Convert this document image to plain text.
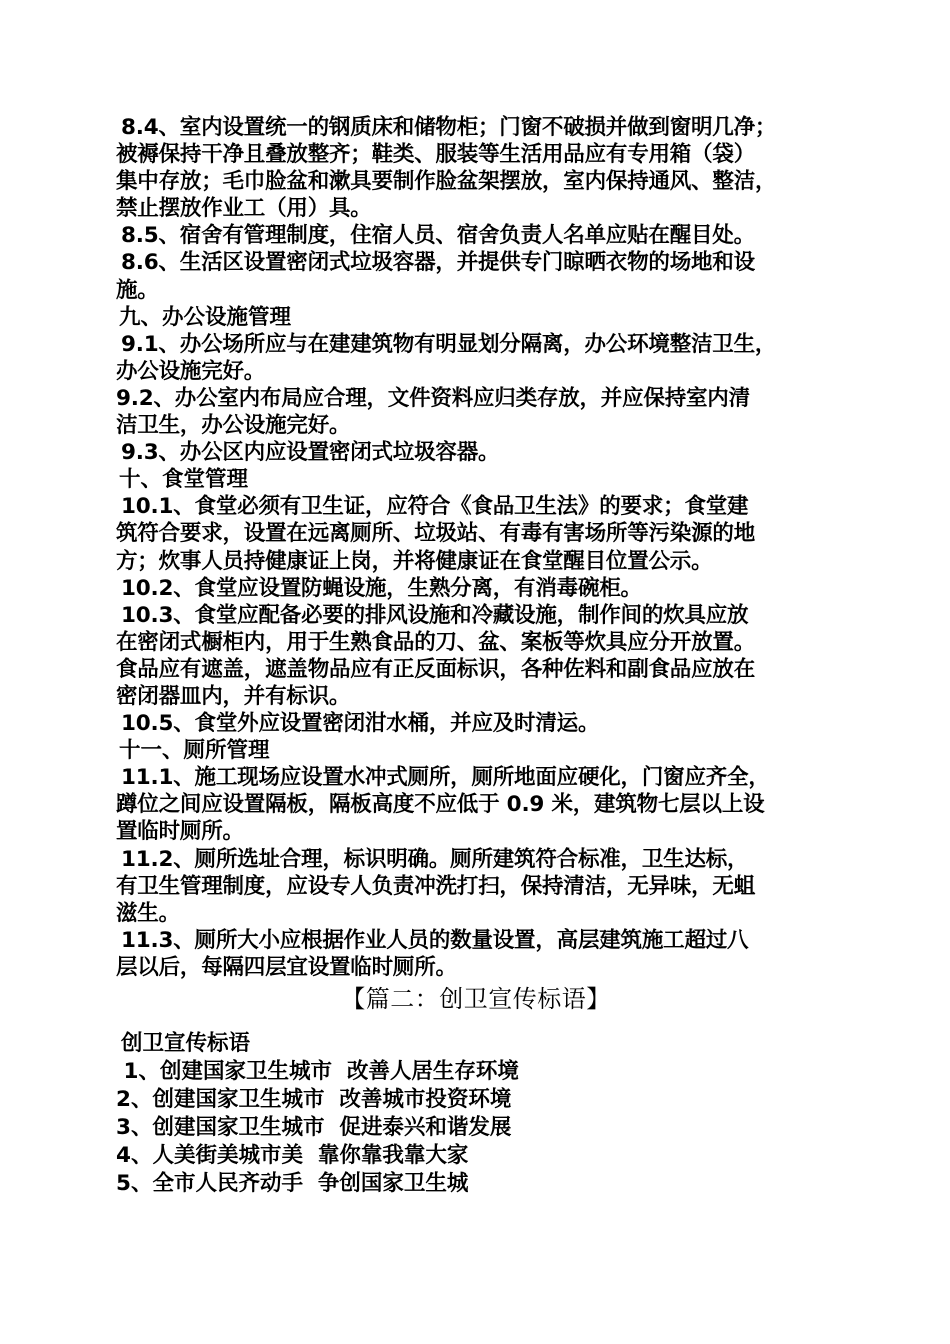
8.4、室内设置统一的钢质床和储物柜；门窗不破损并做到窗明几净；
被褥保持干净且叠放整齐；鞋类、服装等生活用品应有专用箱（袋）
集中存放；毛巾脸盆和漱具要制作脸盆架摆放，室内保持通风、整洁，
禁止摆放作业工（用）具。

8.5、宿舍有管理制度，住宿人员、宿舍负责人名单应贴在醒目处。

8.6、生活区设置密闭式垃圾容器，并提供专门晾晒衣物的场地和设
施。

九、办公设施管理

9.1、办公场所应与在建建筑物有明显划分隔离，办公环境整洁卫生，
办公设施完好。

9.2、办公室内布局应合理，文件资料应归类存放，并应保持室内清
洁卫生，办公设施完好。

9.3、办公区内应设置密闭式垃圾容器。

十、食堂管理

10.1、食堂必须有卫生证，应符合《食品卫生法》的要求；食堂建
筑符合要求，设置在远离厕所、垃圾站、有毒有害场所等污染源的地
方；炊事人员持健康证上岗，并将健康证在食堂醒目位置公示。

10.2、食堂应设置防蝇设施，生熟分离，有消毒碗柜。

10.3、食堂应配备必要的排风设施和冷藏设施，制作间的炊具应放
在密闭式橱柜内，用于生熟食品的刀、盆、案板等炊具应分开放置。
食品应有遮盖，遮盖物品应有正反面标识，各种佐料和副食品应放在
密闭器皿内，并有标识。

10.5、食堂外应设置密闭泔水桶，并应及时清运。

十一、厕所管理

11.1、施工现场应设置水冲式厕所，厕所地面应硬化，门窗应齐全，
蹲位之间应设置隔板，隔板高度不应低于 0.9 米，建筑物七层以上设
置临时厕所。

11.2、厕所选址合理，标识明确。厕所建筑符合标准，卫生达标，
有卫生管理制度，应设专人负责冲洗打扫，保持清洁，无异味，无蛆
滋生。

11.3、厕所大小应根据作业人员的数量设置，高层建筑施工超过八
层以后，每隔四层宜设置临时厕所。

【篇二：创卫宣传标语】

创卫宣传标语

1、创建国家卫生城市  改善人居生存环境

2、创建国家卫生城市  改善城市投资环境

3、创建国家卫生城市  促进泰兴和谐发展

4、人美街美城市美  靠你靠我靠大家

5、全市人民齐动手  争创国家卫生城
